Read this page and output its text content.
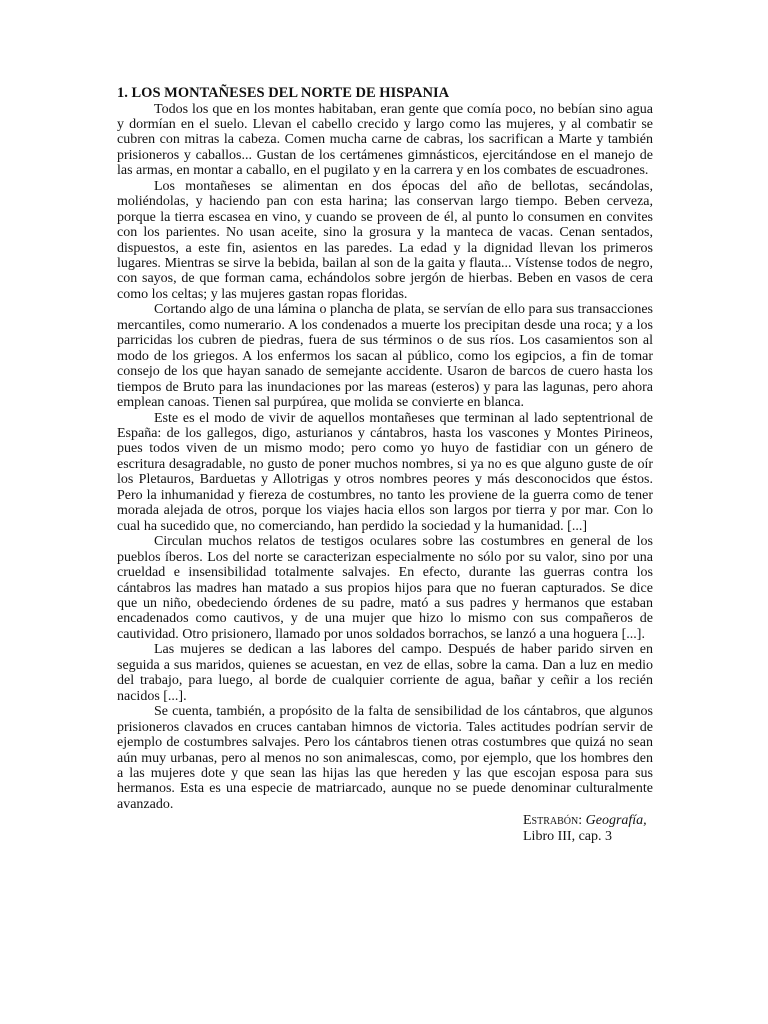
1. LOS MONTAÑESES DEL NORTE DE HISPANIA

Todos los que en los montes habitaban, eran gente que comía poco, no bebían sino agua y dormían en el suelo. Llevan el cabello crecido y largo como las mujeres, y al combatir se cubren con mitras la cabeza. Comen mucha carne de cabras, los sacrifican a Marte y también prisioneros y caballos... Gustan de los certámenes gimnásticos, ejercitándose en el manejo de las armas, en montar a caballo, en el pugilato y en la carrera y en los combates de escuadrones.

Los montañeses se alimentan en dos épocas del año de bellotas, secándolas, moliéndolas, y haciendo pan con esta harina; las conservan largo tiempo. Beben cerveza, porque la tierra escasea en vino, y cuando se proveen de él, al punto lo consumen en convites con los parientes. No usan aceite, sino la grosura y la manteca de vacas. Cenan sentados, dispuestos, a este fin, asientos en las paredes. La edad y la dignidad llevan los primeros lugares. Mientras se sirve la bebida, bailan al son de la gaita y flauta... Vístense todos de negro, con sayos, de que forman cama, echándolos sobre jergón de hierbas. Beben en vasos de cera como los celtas; y las mujeres gastan ropas floridas.

Cortando algo de una lámina o plancha de plata, se servían de ello para sus transacciones mercantiles, como numerario. A los condenados a muerte los precipitan desde una roca; y a los parricidas los cubren de piedras, fuera de sus términos o de sus ríos. Los casamientos son al modo de los griegos. A los enfermos los sacan al público, como los egipcios, a fin de tomar consejo de los que hayan sanado de semejante accidente. Usaron de barcos de cuero hasta los tiempos de Bruto para las inundaciones por las mareas (esteros) y para las lagunas, pero ahora emplean canoas. Tienen sal purpúrea, que molida se convierte en blanca.

Este es el modo de vivir de aquellos montañeses que terminan al lado septentrional de España: de los gallegos, digo, asturianos y cántabros, hasta los vascones y Montes Pirineos, pues todos viven de un mismo modo; pero como yo huyo de fastidiar con un género de escritura desagradable, no gusto de poner muchos nombres, si ya no es que alguno guste de oír los Pletauros, Barduetas y Allotrigas y otros nombres peores y más desconocidos que éstos. Pero la inhumanidad y fiereza de costumbres, no tanto les proviene de la guerra como de tener morada alejada de otros, porque los viajes hacia ellos son largos por tierra y por mar. Con lo cual ha sucedido que, no comerciando, han perdido la sociedad y la humanidad. [...]

Circulan muchos relatos de testigos oculares sobre las costumbres en general de los pueblos íberos. Los del norte se caracterizan especialmente no sólo por su valor, sino por una crueldad e insensibilidad totalmente salvajes. En efecto, durante las guerras contra los cántabros las madres han matado a sus propios hijos para que no fueran capturados. Se dice que un niño, obedeciendo órdenes de su padre, mató a sus padres y hermanos que estaban encadenados como cautivos, y de una mujer que hizo lo mismo con sus compañeros de cautividad. Otro prisionero, llamado por unos soldados borrachos, se lanzó a una hoguera [...].

Las mujeres se dedican a las labores del campo. Después de haber parido sirven en seguida a sus maridos, quienes se acuestan, en vez de ellas, sobre la cama. Dan a luz en medio del trabajo, para luego, al borde de cualquier corriente de agua, bañar y ceñir a los recién nacidos [...].

Se cuenta, también, a propósito de la falta de sensibilidad de los cántabros, que algunos prisioneros clavados en cruces cantaban himnos de victoria. Tales actitudes podrían servir de ejemplo de costumbres salvajes. Pero los cántabros tienen otras costumbres que quizá no sean aún muy urbanas, pero al menos no son animalescas, como, por ejemplo, que los hombres den a las mujeres dote y que sean las hijas las que hereden y las que escojan esposa para sus hermanos. Esta es una especie de matriarcado, aunque no se puede denominar culturalmente avanzado.

Estrabón: Geografía,
Libro III, cap. 3
